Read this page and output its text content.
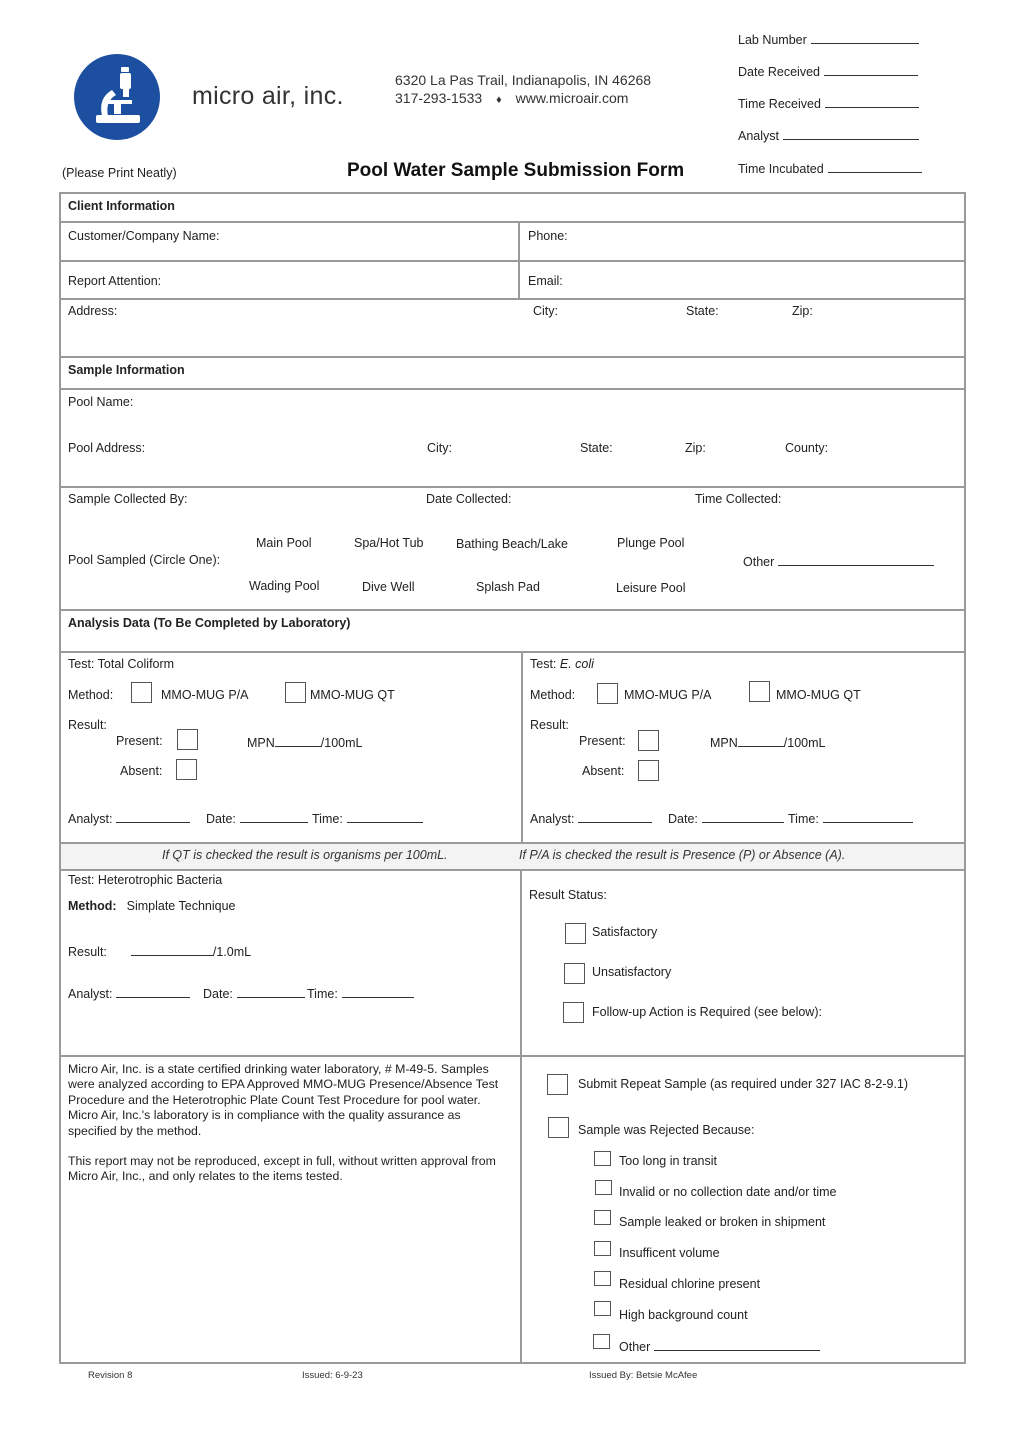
micro air, inc.
6320 La Pas Trail, Indianapolis, IN 46268
317-293-1533 ♦ www.microair.com
(Please Print Neatly)	Pool Water Sample Submission Form
Lab Number
Date Received
Time Received
Analyst
Time Incubated
Client Information
Customer/Company Name:	Phone:
Report Attention:	Email:
Address:	City:	State:	Zip:
Sample Information
Pool Name:
Pool Address:	City:	State:	Zip:	County:
Sample Collected By:	Date Collected:	Time Collected:
Pool Sampled (Circle One):
Main Pool	Spa/Hot Tub	Bathing Beach/Lake	Plunge Pool
Wading Pool	Dive Well	Splash Pad	Leisure Pool
Other
Analysis Data (To Be Completed by Laboratory)
Test: Total Coliform
Method:	MMO-MUG P/A	MMO-MUG QT
Result:
Present:	MPN	/100mL
Absent:
Analyst:	Date:	Time:
Test: E. coli
Method:	MMO-MUG P/A	MMO-MUG QT
Result:
Present:	MPN	/100mL
Absent:
Analyst:	Date:	Time:
If QT is checked the result is organisms per 100mL.	If P/A is checked the result is Presence (P) or Absence (A).
Test: Heterotrophic Bacteria
Method: Simplate Technique
Result:	/1.0mL
Analyst:	Date:	Time:
Result Status:
Satisfactory
Unsatisfactory
Follow-up Action is Required (see below):
Micro Air, Inc. is a state certified drinking water laboratory, # M-49-5. Samples were analyzed according to EPA Approved MMO-MUG Presence/Absence Test Procedure and the Heterotrophic Plate Count Test Procedure for pool water. Micro Air, Inc.'s laboratory is in compliance with the quality assurance as specified by the method.
This report may not be reproduced, except in full, without written approval from Micro Air, Inc., and only relates to the items tested.
Submit Repeat Sample (as required under 327 IAC 8-2-9.1)
Sample was Rejected Because:
Too long in transit
Invalid or no collection date and/or time
Sample leaked or broken in shipment
Insufficent volume
Residual chlorine present
High background count
Other
Revision 8	Issued: 6-9-23	Issued By: Betsie McAfee
